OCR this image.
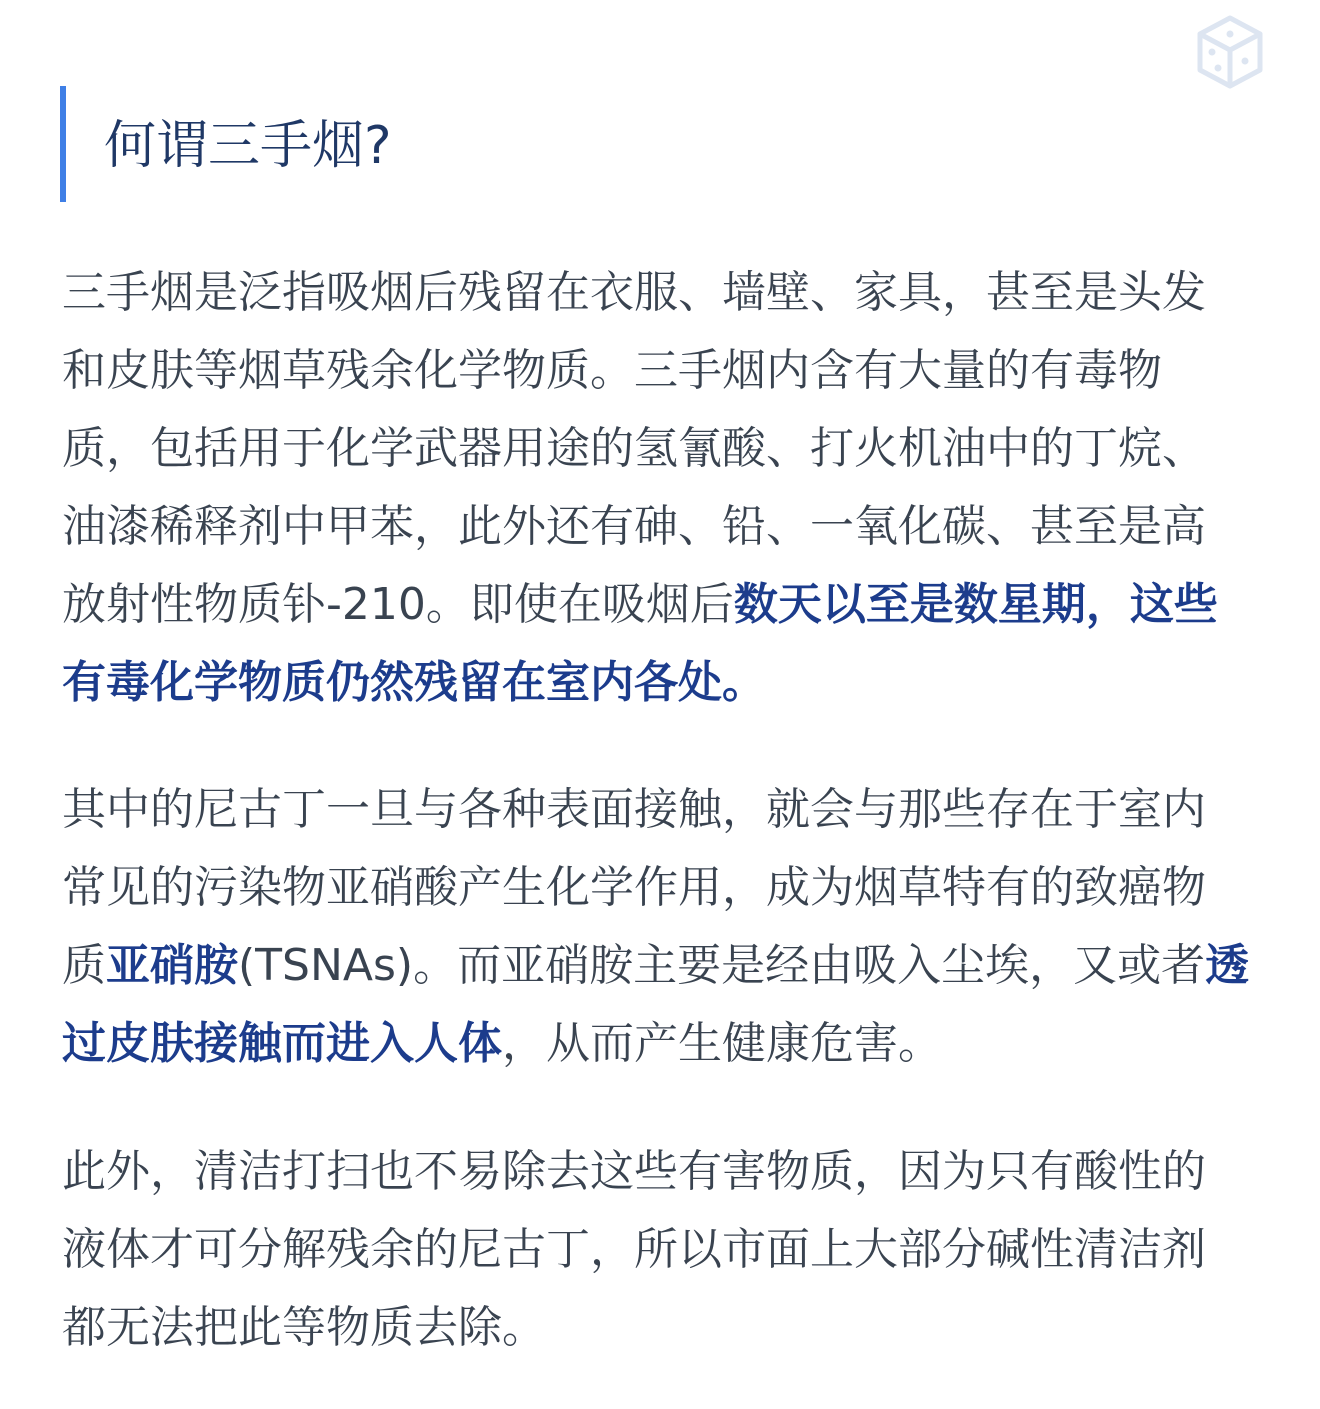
何谓三手烟?
三手烟是泛指吸烟后残留在衣服、墙壁、家具，甚至是头发
和皮肤等烟草残余化学物质。三手烟内含有大量的有毒物
质，包括用于化学武器用途的氢氰酸、打火机油中的丁烷、
油漆稀释剂中甲苯，此外还有砷、铅、一氧化碳、甚至是高
放射性物质钋-210。即使在吸烟后数天以至是数星期，这些
有毒化学物质仍然残留在室内各处。
其中的尼古丁一旦与各种表面接触，就会与那些存在于室内
常见的污染物亚硝酸产生化学作用，成为烟草特有的致癌物
质亚硝胺(TSNAs)。而亚硝胺主要是经由吸入尘埃，又或者透
过皮肤接触而进入人体，从而产生健康危害。
此外，清洁打扫也不易除去这些有害物质，因为只有酸性的
液体才可分解残余的尼古丁，所以市面上大部分碱性清洁剂
都无法把此等物质去除。
